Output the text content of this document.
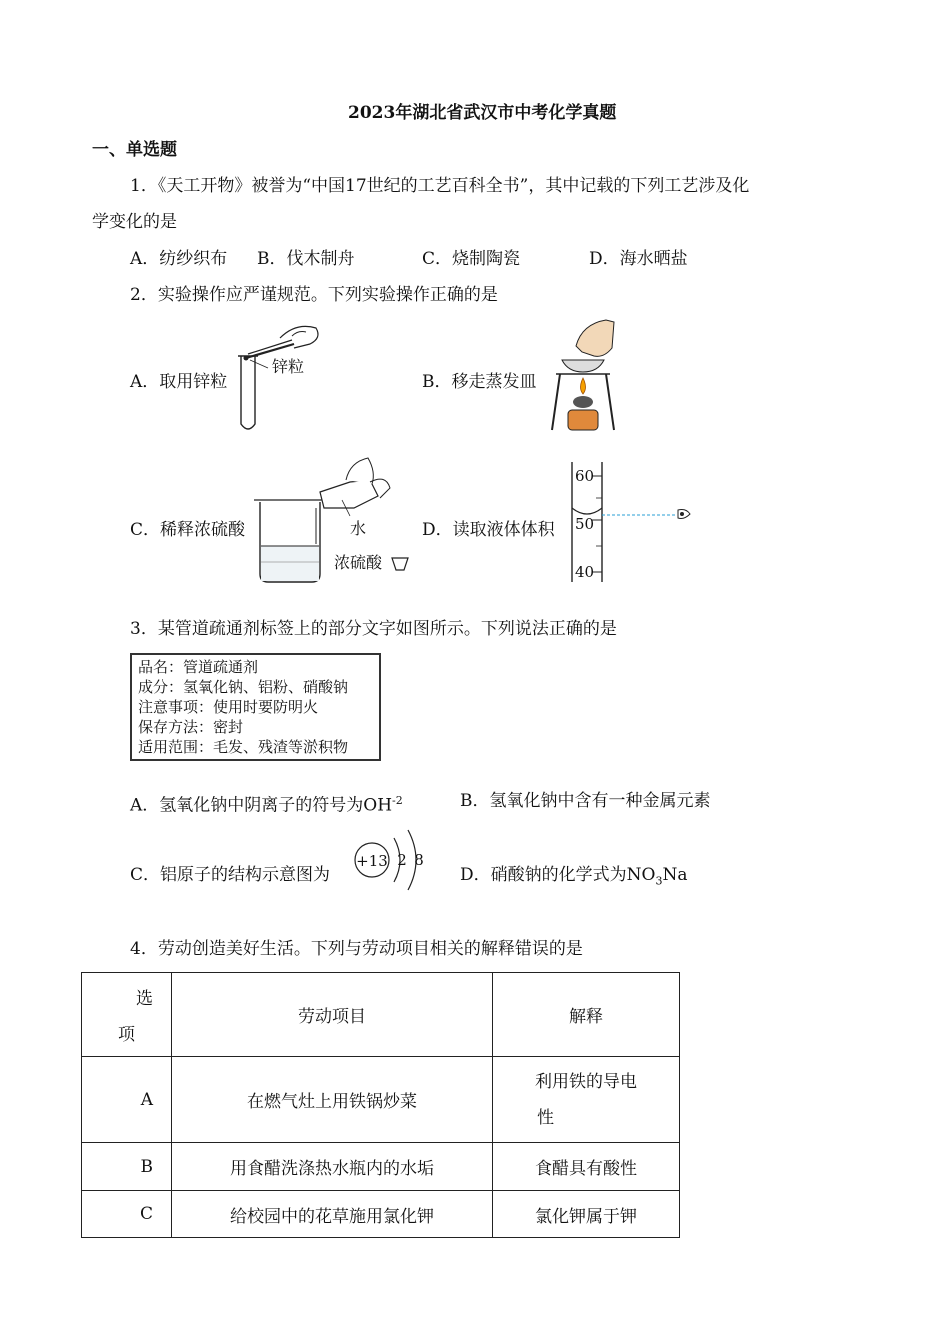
2023年湖北省武汉市中考化学真题
一、单选题
1．《天工开物》被誉为“中国17世纪的工艺百科全书”，其中记载的下列工艺涉及化
学变化的是
A．纺纱织布 B．伐木制舟	C．烧制陶瓷	D．海水晒盐
2．实验操作应严谨规范。下列实验操作正确的是
A．取用锌粒
锌粒
B．移走蒸发皿
C．稀释浓硫酸	水
浓硫酸
D．读取液体体积
60
50
40
3．某管道疏通剂标签上的部分文字如图所示。下列说法正确的是
品名：管道疏通剂
成分：氢氧化钠、铝粉、硝酸钠
注意事项：使用时要防明火
保存方法：密封
适用范围：毛发、残渣等淤积物
A．氢氧化钠中阴离子的符号为$OH^{-2}$	B．氢氧化钠中含有一种金属元素
C．铝原子的结构示意图为
+13 2 8
D．硝酸钠的化学式为$NO_3Na$
4．劳动创造美好生活。下列与劳动项目相关的解释错误的是
选
项	劳动项目	解释
A	在燃气灶上用铁锅炒菜	利用铁的导电
性

B	用食醋洗涤热水瓶内的水垢	食醋具有酸性
C	给校园中的花草施用氯化钾	氯化钾属于钾
